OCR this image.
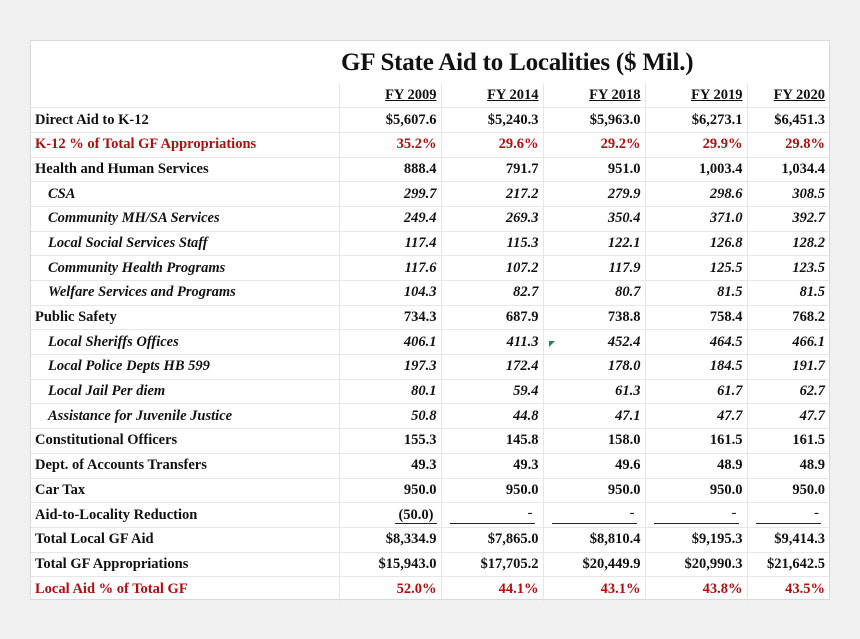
GF State Aid to Localities ($ Mil.)
	FY 2009	FY 2014	FY 2018	FY 2019	FY 2020
Direct Aid to K-12	$5,607.6	$5,240.3	$5,963.0	$6,273.1	$6,451.3
K-12 % of Total GF Appropriations	35.2%	29.6%	29.2%	29.9%	29.8%
Health and Human Services	888.4	791.7	951.0	1,003.4	1,034.4
CSA	299.7	217.2	279.9	298.6	308.5
Community MH/SA Services	249.4	269.3	350.4	371.0	392.7
Local Social Services Staff	117.4	115.3	122.1	126.8	128.2
Community Health Programs	117.6	107.2	117.9	125.5	123.5
Welfare Services and Programs	104.3	82.7	80.7	81.5	81.5
Public Safety	734.3	687.9	738.8	758.4	768.2
Local Sheriffs Offices	406.1	411.3	452.4	464.5	466.1
Local Police Depts HB 599	197.3	172.4	178.0	184.5	191.7
Local Jail Per diem	80.1	59.4	61.3	61.7	62.7
Assistance for Juvenile Justice	50.8	44.8	47.1	47.7	47.7
Constitutional Officers	155.3	145.8	158.0	161.5	161.5
Dept. of Accounts Transfers	49.3	49.3	49.6	48.9	48.9
Car Tax	950.0	950.0	950.0	950.0	950.0
Aid-to-Locality Reduction	(50.0)	-	-	-	-

Total Local GF Aid	$8,334.9	$7,865.0	$8,810.4	$9,195.3	$9,414.3
Total GF Appropriations	$15,943.0	$17,705.2	$20,449.9	$20,990.3	$21,642.5
Local Aid % of Total GF	52.0%	44.1%	43.1%	43.8%	43.5%
